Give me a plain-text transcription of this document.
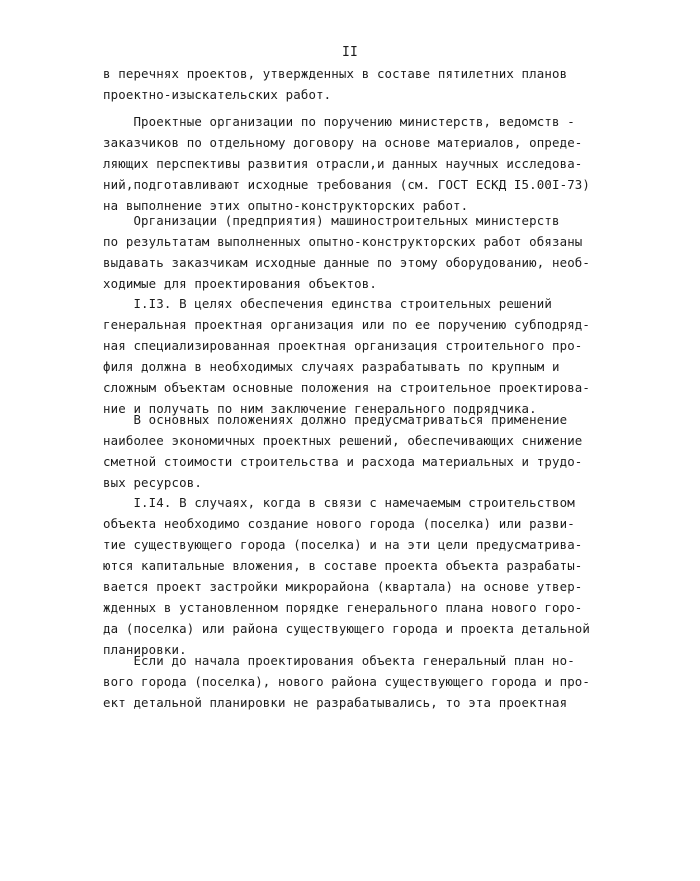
II
в перечнях проектов, утвержденных в составе пятилетних планов
проектно-изыскательских работ.
Проектные организации по поручению министерств, ведомств -
заказчиков по отдельному договору на основе материалов, опреде-
ляющих перспективы развития отрасли,и данных научных исследова-
ний,подготавливают исходные требования (см. ГОСТ ЕСКД I5.00I-73)
на выполнение этих опытно-конструкторских работ.
Организации (предприятия) машиностроительных министерств
по результатам выполненных опытно-конструкторских работ обязаны
выдавать заказчикам исходные данные по этому оборудованию, необ-
ходимые для проектирования объектов.
I.I3. В целях обеспечения единства строительных решений
генеральная проектная организация или по ее поручению субподряд-
ная специализированная проектная организация строительного про-
филя должна в необходимых случаях разрабатывать по крупным и
сложным объектам основные положения на строительное проектирова-
ние и получать по ним заключение генерального подрядчика.
В основных положениях должно предусматриваться применение
наиболее экономичных проектных решений, обеспечивающих снижение
сметной стоимости строительства и расхода материальных и трудо-
вых ресурсов.
I.I4. В случаях, когда в связи с намечаемым строительством
объекта необходимо создание нового города (поселка) или разви-
тие существующего города (поселка) и на эти цели предусматрива-
ются капитальные вложения, в составе проекта объекта разрабаты-
вается проект застройки микрорайона (квартала) на основе утвер-
жденных в установленном порядке генерального плана нового горо-
да (поселка) или района существующего города и проекта детальной
планировки.
Если до начала проектирования объекта генеральный план но-
вого города (поселка), нового района существующего города и про-
ект детальной планировки не разрабатывались, то эта проектная
